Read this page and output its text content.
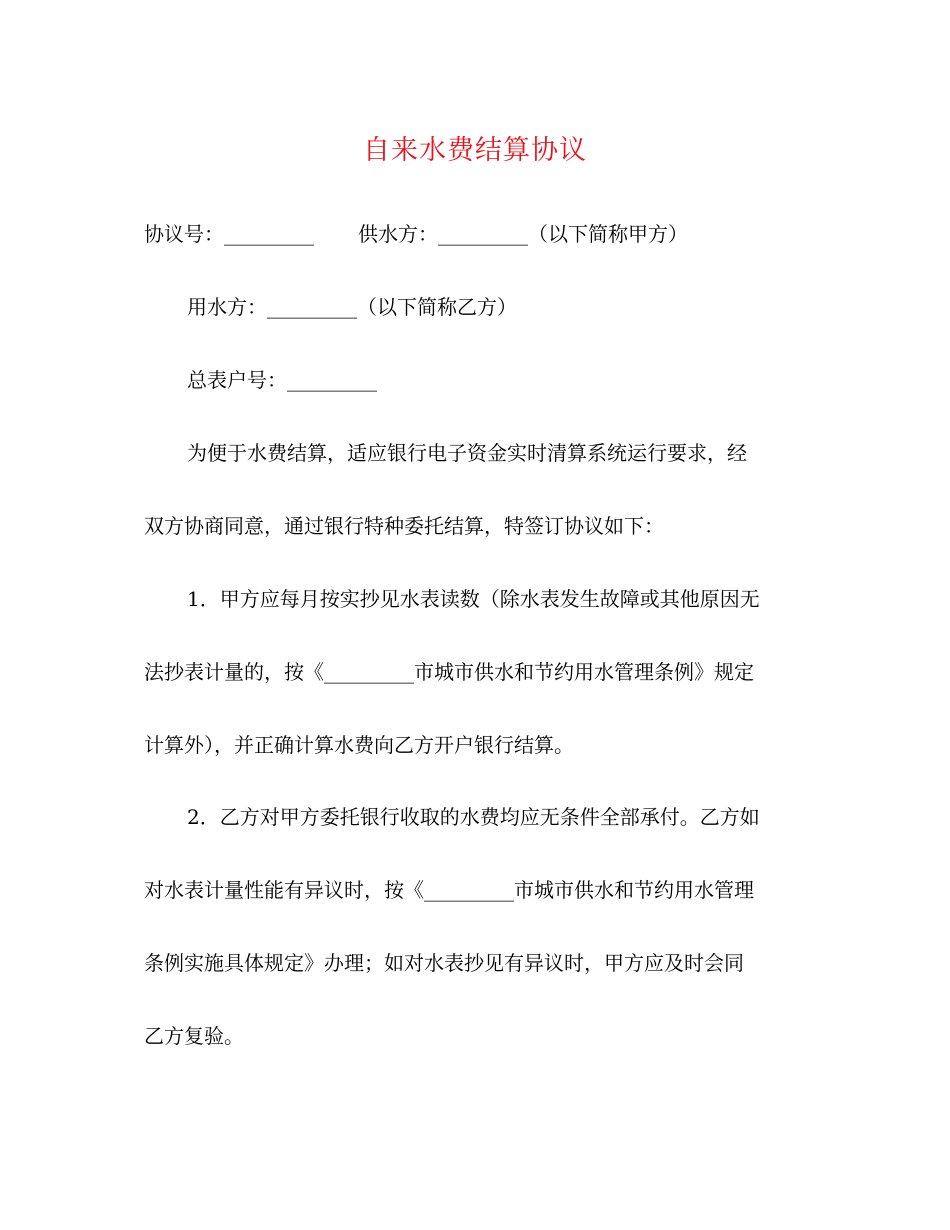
自来水费结算协议
协议号：_________ 供水方：_________（以下简称甲方）
用水方：_________（以下简称乙方）
总表户号：_________
为便于水费结算，适应银行电子资金实时清算系统运行要求，经
双方协商同意，通过银行特种委托结算，特签订协议如下：
1．甲方应每月按实抄见水表读数（除水表发生故障或其他原因无
法抄表计量的，按《_________市城市供水和节约用水管理条例》规定
计算外），并正确计算水费向乙方开户银行结算。
2．乙方对甲方委托银行收取的水费均应无条件全部承付。乙方如
对水表计量性能有异议时，按《_________市城市供水和节约用水管理
条例实施具体规定》办理；如对水表抄见有异议时，甲方应及时会同
乙方复验。
